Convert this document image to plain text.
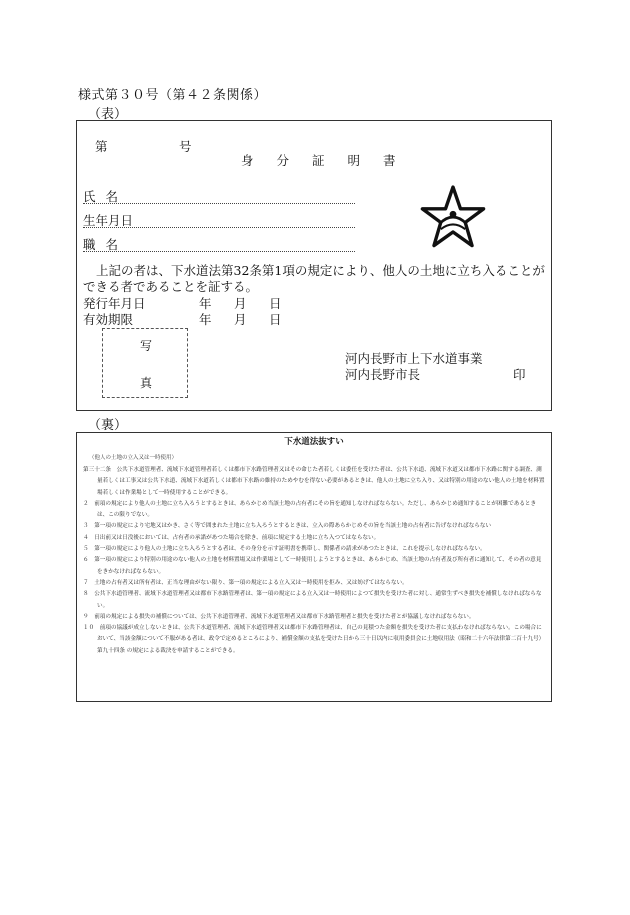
様式第３０号（第４２条関係）
（表）
第	号
身分証明書
氏名
生年月日
職名
上記の者は、下水道法第32条第1項の規定により、他人の土地に立ち入ることができる者であることを証する。
発行年月日	年 月 日
有効期限	年 月 日
写
真
河内長野市上下水道事業
河内長野市長	印
（裏）
下水道法抜すい
（他人の土地の立入又は一時使用）

第三十二条　公共下水道管理者、流域下水道管理者若しくは都市下水路管理者又はその命じた者若しくは委任を受けた者は、公共下水道、流域下水道又は都市下水路に関する調査、測量若しくは工事又は公共下水道、流域下水道若しくは都市下水路の維持のためやむを得ない必要があるときは、他人の土地に立ち入り、又は特別の用途のない他人の土地を材料置場若しくは作業場として一時使用することができる。

２　前項の規定により他人の土地に立ち入ろうとするときは、あらかじめ当該土地の占有者にその旨を通知しなければならない。ただし、あらかじめ通知することが困難であるときは、この限りでない。

３　第一項の規定により宅地又はかき、さく等で囲まれた土地に立ち入ろうとするときは、立入の際あらかじめその旨を当該土地の占有者に告げなければならない

４　日出前又は日没後においては、占有者の承諾があつた場合を除き、前項に規定する土地に立ち入つてはならない。

５　第一項の規定により他人の土地に立ち入ろうとする者は、その身分を示す証明書を携帯し、関係者の請求があつたときは、これを提示しなければならない。

６　第一項の規定により特別の用途のない他人の土地を材料置場又は作業場として一時使用しようとするときは、あらかじめ、当該土地の占有者及び所有者に通知して、その者の意見をきかなければならない。

７　土地の占有者又は所有者は、正当な理由がない限り、第一項の規定による立入又は一時使用を拒み、又は妨げてはならない。

８　公共下水道管理者、流域下水道管理者又は都市下水路管理者は、第一項の規定による立入又は一時使用によつて損失を受けた者に対し、通常生ずべき損失を補償しなければならない。

９　前項の規定による損失の補償については、公共下水道管理者、流域下水道管理者又は都市下水路管理者と損失を受けた者とが協議しなければならない。

１０　前項の協議が成立しないときは、公共下水道管理者、流域下水道管理者又は都市下水路管理者は、自己の見積つた金額を損失を受けた者に支払わなければならない。この場合において、当該金額について不服がある者は、政令で定めるところにより、補償金額の支払を受けた日から三十日以内に収用委員会に土地収用法（昭和二十六年法律第二百十九号）第九十四条 の規定による裁決を申請することができる。
